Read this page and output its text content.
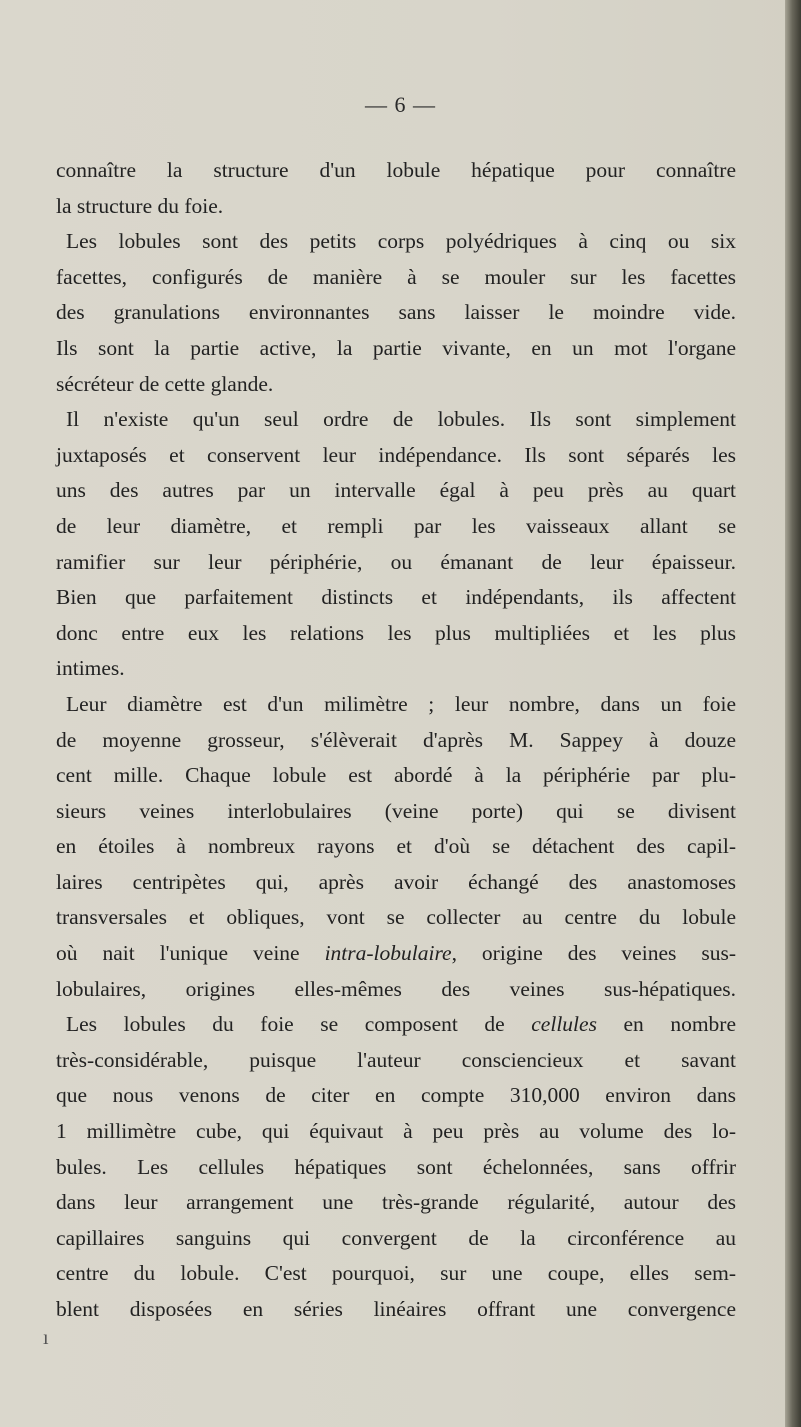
— 6 —
connaître la structure d'un lobule hépatique pour connaître
la structure du foie.
Les lobules sont des petits corps polyédriques à cinq ou six
facettes, configurés de manière à se mouler sur les facettes
des granulations environnantes sans laisser le moindre vide.
Ils sont la partie active, la partie vivante, en un mot l'organe
sécréteur de cette glande.
Il n'existe qu'un seul ordre de lobules. Ils sont simplement
juxtaposés et conservent leur indépendance. Ils sont séparés les
uns des autres par un intervalle égal à peu près au quart
de leur diamètre, et rempli par les vaisseaux allant se
ramifier sur leur périphérie, ou émanant de leur épaisseur.
Bien que parfaitement distincts et indépendants, ils affectent
donc entre eux les relations les plus multipliées et les plus
intimes.
Leur diamètre est d'un milimètre ; leur nombre, dans un foie
de moyenne grosseur, s'élèverait d'après M. Sappey à douze
cent mille. Chaque lobule est abordé à la périphérie par plu-
sieurs veines interlobulaires (veine porte) qui se divisent
en étoiles à nombreux rayons et d'où se détachent des capil-
laires centripètes qui, après avoir échangé des anastomoses
transversales et obliques, vont se collecter au centre du lobule
où nait l'unique veine intra-lobulaire, origine des veines sus-
lobulaires, origines elles-mêmes des veines sus-hépatiques.
Les lobules du foie se composent de cellules en nombre
très-considérable, puisque l'auteur consciencieux et savant
que nous venons de citer en compte 310,000 environ dans
1 millimètre cube, qui équivaut à peu près au volume des lo-
bules. Les cellules hépatiques sont échelonnées, sans offrir
dans leur arrangement une très-grande régularité, autour des
capillaires sanguins qui convergent de la circonférence au
centre du lobule. C'est pourquoi, sur une coupe, elles sem-
blent disposées en séries linéaires offrant une convergence
ı
